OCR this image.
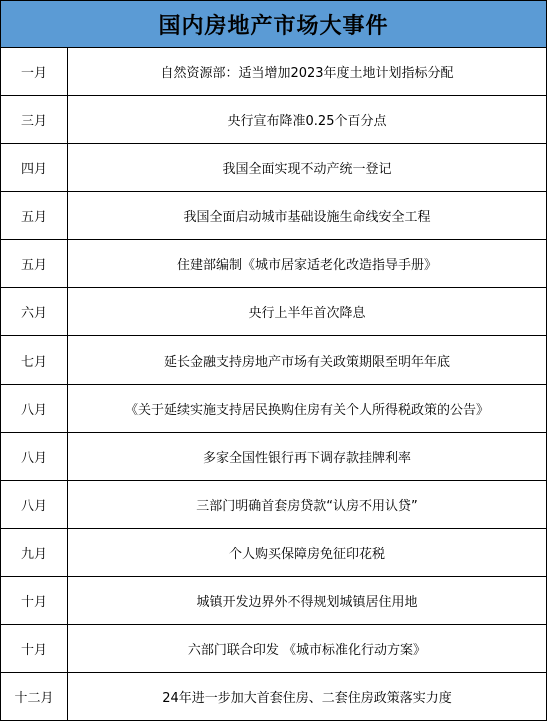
国内房地产市场大事件
一月	自然资源部：适当增加2023年度土地计划指标分配
三月	央行宣布降准0.25个百分点
四月	我国全面实现不动产统一登记
五月	我国全面启动城市基础设施生命线安全工程
五月	住建部编制《城市居家适老化改造指导手册》
六月	央行上半年首次降息
七月	延长金融支持房地产市场有关政策期限至明年年底
八月	《关于延续实施支持居民换购住房有关个人所得税政策的公告》
八月	多家全国性银行再下调存款挂牌利率
八月	三部门明确首套房贷款“认房不用认贷”
九月	个人购买保障房免征印花税
十月	城镇开发边界外不得规划城镇居住用地
十月	六部门联合印发 《城市标准化行动方案》
十二月	24年进一步加大首套住房、二套住房政策落实力度
